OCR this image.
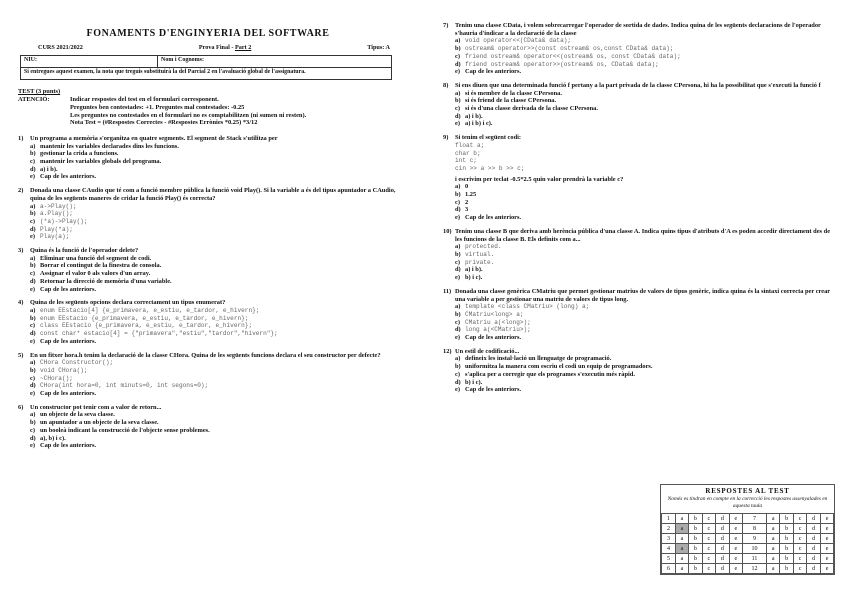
FONAMENTS D'ENGINYERIA DEL SOFTWARE
CURS 2021/2022	Prova Final - Part 2	Tipus: A
NIU:	Nom i Cognoms:
Si entregues aquest examen, la nota que treguis substituirà la del Parcial 2 en l'avaluació global de l'assignatura.
TEST (3 punts)
ATENCIÓ:	Indicar respostes del test en el formulari corresponent.
Preguntes ben contestades: +1. Preguntes mal contestades: -0.25
Les preguntes no contestades en el formulari no es comptabilitzen (ni sumen ni resten).
Nota Test = (#Respostes Correctes - #Respostes Errònies *0.25) *3/12
1)	Un programa a memòria s'organitza en quatre segments. El segment de Stack s'utilitza per
a) mantenir les variables declarades dins les funcions.
b) gestionar la crida a funcions.
c) mantenir les variables globals del programa.
d) a) i b).
e) Cap de les anteriors.
2)	Donada una classe CAudio que té com a funció membre pública la funció void Play(). Si la variable a és del tipus apuntador a CAudio, quina de les següents maneres de cridar la funció Play() és correcta?
a) a->Play();
b) a.Play();
c) (*a)->Play();
d) Play(*a);
e) Play(a);
3)	Quina és la funció de l'operador delete?
a) Eliminar una funció del segment de codi.
b) Borrar el contingut de la finestra de consola.
c) Assignar el valor 0 als valors d'un array.
d) Retornar la direcció de memòria d'una variable.
e) Cap de les anteriors.
4)	Quina de les següents opcions declara correctament un tipus enumerat?
a) enum EEstacio[4] {e_primavera, e_estiu, e_tardor, e_hivern};
b) enum EEstacio {e_primavera, e_estiu, e_tardor, e_hivern};
c) class EEstacio {e_primavera, e_estiu, e_tardor, e_hivern};
d) const char* estacio[4] = {"primavera","estiu","tardor","hivern"};
e) Cap de les anteriors.
5)	En un fitxer hora.h tenim la declaració de la classe CHora. Quina de les següents funcions declara el seu constructor per defecte?
a) CHora Constructor();
b) void CHora();
c) ~CHora();
d) CHora(int hora=0, int minuts=0, int segons=0);
e) Cap de les anteriors.
6)	Un constructor pot tenir com a valor de retorn...
a) un objecte de la seva classe.
b) un apuntador a un objecte de la seva classe.
c) un booleà indicant la construcció de l'objecte sense problemes.
d) a), b) i c).
e) Cap de les anteriors.
7)	Tenim una classe CData, i volem sobrecarregar l'operador de sortida de dades. Indica quina de les següents declaracions de l'operador s'hauria d'indicar a la declaració de la classe
a) void operator<<(CData& data);
b) ostream& operator>>(const ostream& os,const CData& data);
c) friend ostream& operator<<(ostream& os, const CData& data);
d) friend ostream& operator>>(ostream& os, CData& data);
e) Cap de les anteriors.
8)	Si ens diuen que una determinada funció f pertany a la part privada de la classe CPersona, hi ha la possibilitat que s'executi la funció f
a) si és membre de la classe CPersona.
b) si és friend de la classe CPersona.
c) si és d'una classe derivada de la classe CPersona.
d) a) i b).
e) a) i b) i c).
9)	Si tenim el següent codi:
float a;
char b;
int c;
cin >> a >> b >> c;
i escrivim per teclat -0.5*2.5 quin valor prendrà la variable c?
a) 0
b) 1.25
c) 2
d) 3
e) Cap de les anteriors.
10) Tenim una classe B que deriva amb herència pública d'una classe A. Indica quins tipus d'atributs d'A es poden accedir directament des de les funcions de la classe B. Els definits com a...
a) protected.
b) virtual.
c) private.
d) a) i b).
e) b) i c).
11) Donada una classe genèrica CMatriu que permet gestionar matrius de valors de tipus genèric, indica quina és la sintaxi correcta per crear una variable a per gestionar una matriu de valors de tipus long.
a) template <class CMatriu> (long) a;
b) CMatriu<long> a;
c) CMatriu a(<long>);
d) long a(<CMatriu>);
e) Cap de les anteriors.
12) Un estil de codificació...
a) defineix les instal·lació un llenguatge de programació.
b) uniformitza la manera com escriu el codi un equip de programadors.
c) s'aplica per a corregir que els programes s'executin més ràpid.
d) b) i c).
e) Cap de les anteriors.
RESPOSTES AL TEST
Només es tindran en compte en la correcció les respostes assenyalades en aquesta taula
1	a	b	c	d	e	7	a	b	c	d	e
2	a	b	c	d	e	8	a	b	c	d	e
3	a	b	c	d	e	9	a	b	c	d	e
4	a	b	c	d	e	10	a	b	c	d	e
5	a	b	c	d	e	11	a	b	c	d	e
6	a	b	c	d	e	12	a	b	c	d	e
